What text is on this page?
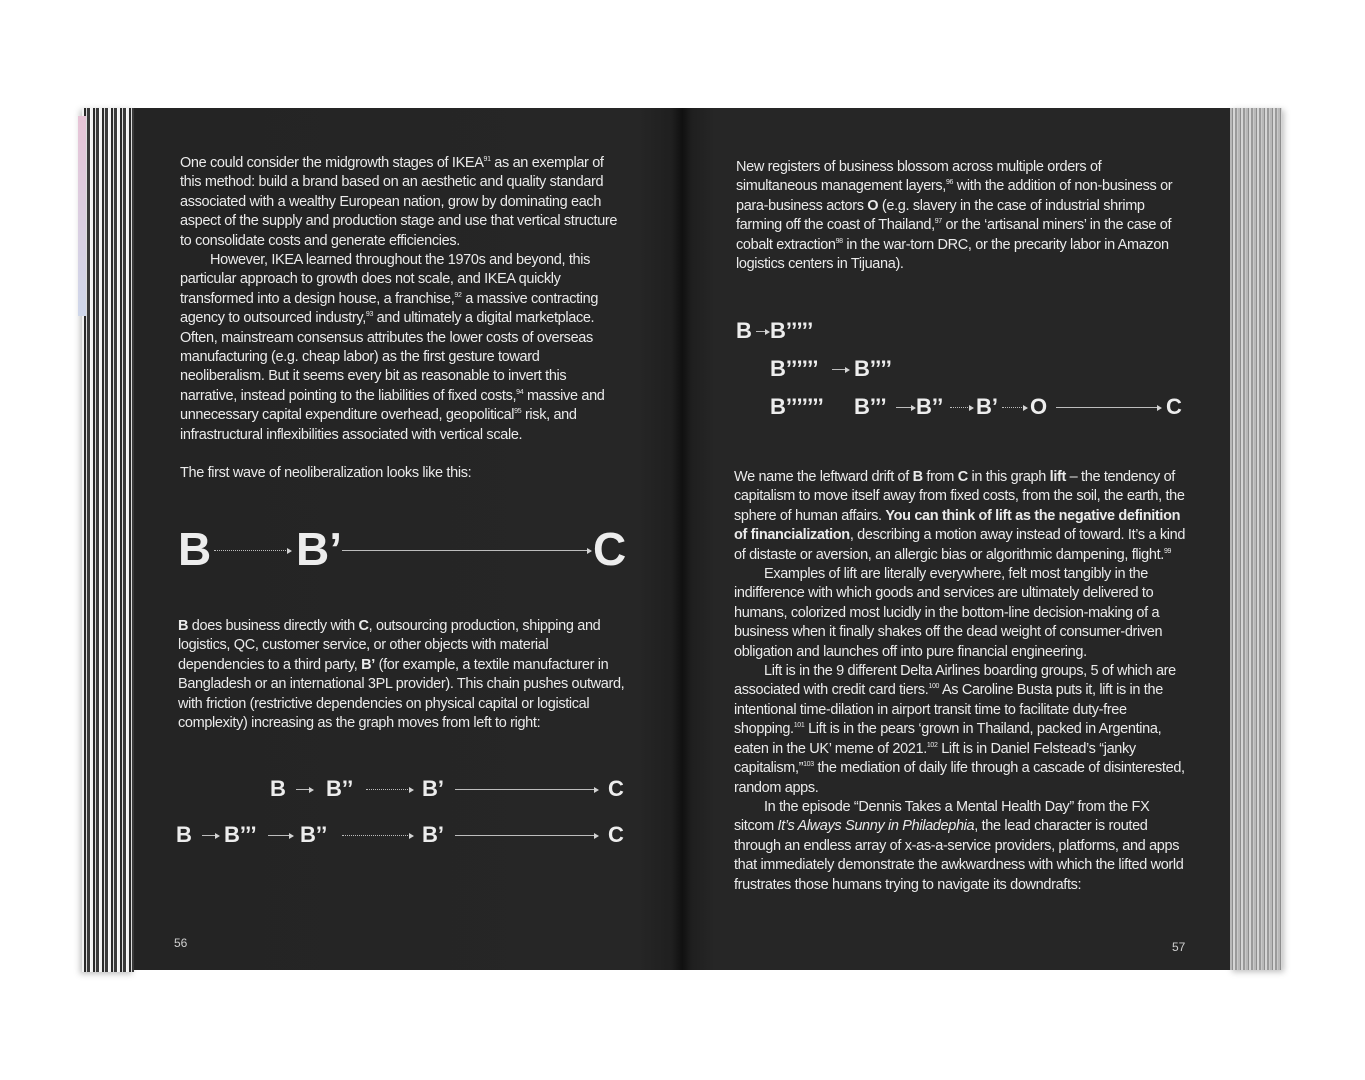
One could consider the midgrowth stages of IKEA$^{91}$ as an exemplar of this method: build a brand based on an aesthetic and quality standard associated with a wealthy European nation, grow by dominating each aspect of the supply and production stage and use that vertical structure to consolidate costs and generate efficiencies.

However, IKEA learned throughout the 1970s and beyond, this particular approach to growth does not scale, and IKEA quickly transformed into a design house, a franchise,$^{92}$ a massive contracting agency to outsourced industry,$^{93}$ and ultimately a digital marketplace. Often, mainstream consensus attributes the lower costs of overseas manufacturing (e.g. cheap labor) as the first gesture toward neoliberalism. But it seems every bit as reasonable to invert this narrative, instead pointing to the liabilities of fixed costs,$^{94}$ massive and unnecessary capital expenditure overhead, geopolitical$^{95}$ risk, and infrastructural inflexibilities associated with vertical scale.

The first wave of neoliberalization looks like this:

B B’	C

B does business directly with C, outsourcing production, shipping and logistics, QC, customer service, or other objects with material dependencies to a third party, B’ (for example, a textile manufacturer in Bangladesh or an international 3PL provider). This chain pushes outward, with friction (restrictive dependencies on physical capital or logistical complexity) increasing as the graph moves from left to right:

B B’’	B’	C
B B’’’ B’’	B’	C
56

New registers of business blossom across multiple orders of simultaneous management layers,$^{96}$ with the addition of non-business or para-business actors O (e.g. slavery in the case of industrial shrimp farming off the coast of Thailand,$^{97}$ or the ‘artisanal miners’ in the case of cobalt extraction$^{98}$ in the war-torn DRC, or the precarity labor in Amazon logistics centers in Tijuana).

B B’’’’’
B’’’’’’ B’’’’
B’’’’’’’ B’’’ B’’ B’ O	C

We name the leftward drift of B from C in this graph lift – the tendency of capitalism to move itself away from fixed costs, from the soil, the earth, the sphere of human affairs. You can think of lift as the negative definition of financialization, describing a motion away instead of toward. It’s a kind of distaste or aversion, an allergic bias or algorithmic dampening, flight.$^{99}$

Examples of lift are literally everywhere, felt most tangibly in the indifference with which goods and services are ultimately delivered to humans, colorized most lucidly in the bottom-line decision-making of a business when it finally shakes off the dead weight of consumer-driven obligation and launches off into pure financial engineering.

Lift is in the 9 different Delta Airlines boarding groups, 5 of which are associated with credit card tiers.$^{100}$ As Caroline Busta puts it, lift is in the intentional time-dilation in airport transit time to facilitate duty-free shopping.$^{101}$ Lift is in the pears ‘grown in Thailand, packed in Argentina, eaten in the UK’ meme of 2021.$^{102}$ Lift is in Daniel Felstead’s “janky capitalism,”$^{103}$ the mediation of daily life through a cascade of disinterested, random apps.

In the episode “Dennis Takes a Mental Health Day” from the FX sitcom It’s Always Sunny in Philadephia, the lead character is routed through an endless array of x-as-a-service providers, platforms, and apps that immediately demonstrate the awkwardness with which the lifted world frustrates those humans trying to navigate its downdrafts:

57
